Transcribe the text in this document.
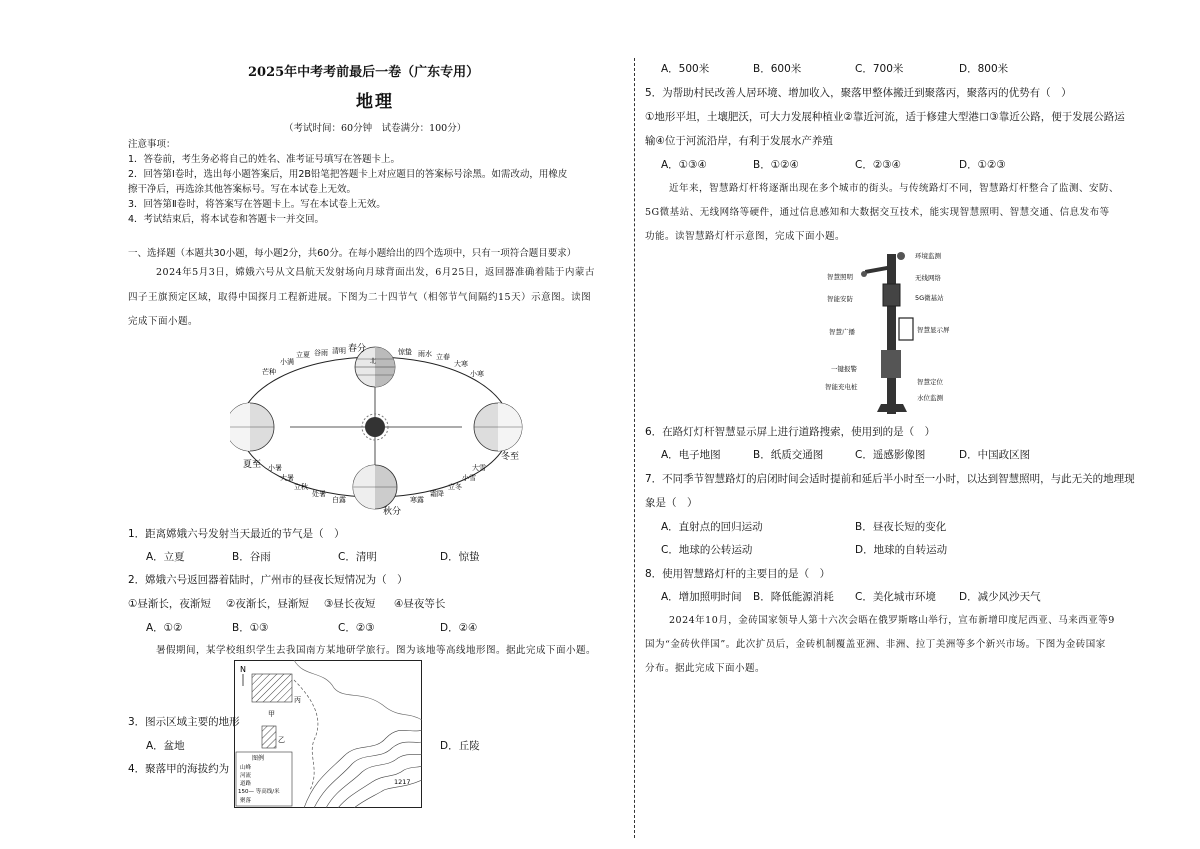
2025年中考考前最后一卷（广东专用）
地理
（考试时间：60分钟　试卷满分：100分）
注意事项：
1．答卷前，考生务必将自己的姓名、准考证号填写在答题卡上。
2．回答第Ⅰ卷时，选出每小题答案后，用2B铅笔把答题卡上对应题目的答案标号涂黑。如需改动，用橡皮
擦干净后，再选涂其他答案标号。写在本试卷上无效。
3．回答第Ⅱ卷时，将答案写在答题卡上。写在本试卷上无效。
4．考试结束后，将本试卷和答题卡一并交回。
一、选择题（本题共30小题，每小题2分，共60分。在每小题给出的四个选项中，只有一项符合题目要求）
2024年5月3日，嫦娥六号从文昌航天发射场向月球背面出发，6月25日，返回器准确着陆于内蒙古
四子王旗预定区域，取得中国探月工程新进展。下图为二十四节气（相邻节气间隔约15天）示意图。读图
完成下面小题。
春分
夏至
秋分
冬至
北
清明
谷雨
立夏
小满
芒种
惊蛰 雨水 立春
大寒
小寒
小暑
大暑
立秋
处暑
白露
大雪
小雪
立冬
霜降
寒露
1．距离嫦娥六号发射当天最近的节气是（　）
A．立夏	B．谷雨	C．清明	D．惊蛰
2．嫦娥六号返回器着陆时，广州市的昼夜长短情况为（　）
①昼渐长，夜渐短 ②夜渐长，昼渐短 ③昼长夜短 ④昼夜等长
A．①②	B．①③	C．②③	D．②④
暑假期间，某学校组织学生去我国南方某地研学旅行。图为该地等高线地形图。据此完成下面小题。
N
甲
乙
丙
1217
图例
山峰
河流
道路
150— 等高线/米
聚落
3．图示区域主要的地形
A．盆地	D．丘陵
4．聚落甲的海拔约为
A．500米	B．600米	C．700米	D．800米
5．为帮助村民改善人居环境、增加收入，聚落甲整体搬迁到聚落丙，聚落丙的优势有（　）
①地形平坦，土壤肥沃，可大力发展种植业②靠近河流，适于修建大型港口③靠近公路，便于发展公路运
输④位于河流沿岸，有利于发展水产养殖
A．①③④	B．①②④	C．②③④	D．①②③
近年来，智慧路灯杆将逐渐出现在多个城市的街头。与传统路灯不同，智慧路灯杆整合了监测、安防、
5G微基站、无线网络等硬件，通过信息感知和大数据交互技术，能实现智慧照明、智慧交通、信息发布等
功能。读智慧路灯杆示意图，完成下面小题。
智慧照明
智能安防
智慧广播
一键报警
智能充电桩
环境监测
无线网络
5G微基站
智慧显示屏
智慧定位
水位监测
6．在路灯灯杆智慧显示屏上进行道路搜索，使用到的是（　）
A．电子地图	B．纸质交通图	C．遥感影像图	D．中国政区图
7．不同季节智慧路灯的启闭时间会适时提前和延后半小时至一小时，以达到智慧照明，与此无关的地理现
象是（　）
A．直射点的回归运动	B．昼夜长短的变化
C．地球的公转运动	D．地球的自转运动
8．使用智慧路灯杆的主要目的是（　）
A．增加照明时间 B．降低能源消耗 C．美化城市环境 D．减少风沙天气
2024年10月，金砖国家领导人第十六次会晤在俄罗斯喀山举行，宣布新增印度尼西亚、马来西亚等9
国为“金砖伙伴国”。此次扩员后，金砖机制覆盖亚洲、非洲、拉丁美洲等多个新兴市场。下图为金砖国家
分布。据此完成下面小题。
